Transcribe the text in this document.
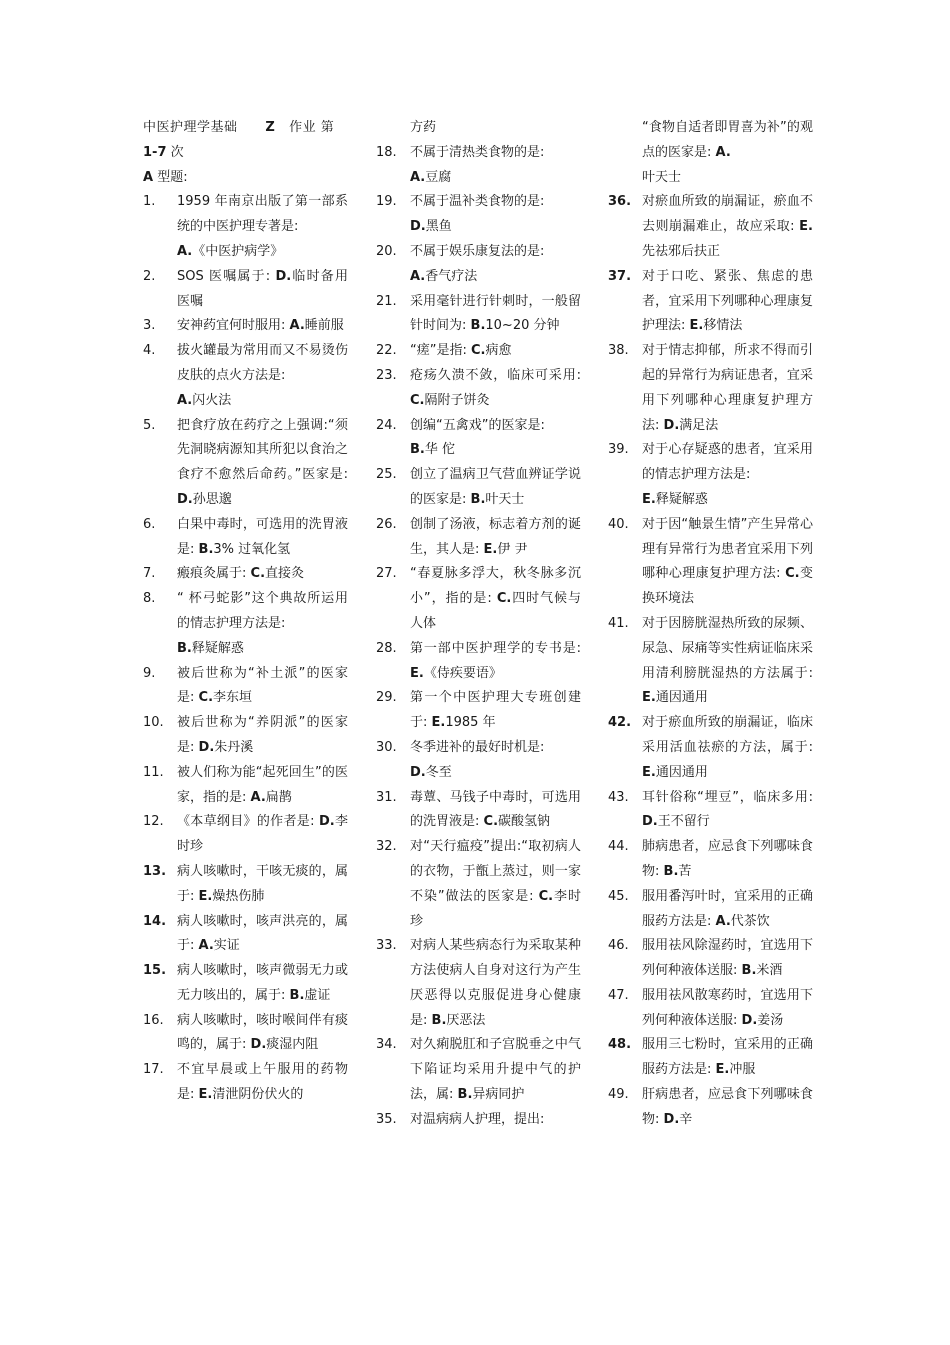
中医护理学基础 Z 作业 第
1-7 次
A 型题:
1.	1959 年南京出版了第一部系统的中医护理专著是:
A.《中医护病学》
2.	SOS 医嘱属于: D.临时备用医嘱
3.	安神药宜何时服用: A.睡前服
4.	拔火罐最为常用而又不易烫伤皮肤的点火方法是:
A.闪火法
5.	把食疗放在药疗之上强调:“须先洞晓病源知其所犯以食治之食疗不愈然后命药。”医家是: D.孙思邈
6.	白果中毒时，可选用的洗胃液是: B.3% 过氧化氢
7.	瘢痕灸属于: C.直接灸
8.	“ 杯弓蛇影”这个典故所运用的情志护理方法是:
B.释疑解惑
9.	被后世称为“补土派”的医家是: C.李东垣
10.	被后世称为“养阴派”的医家是: D.朱丹溪
11.	被人们称为能“起死回生”的医家，指的是: A.扁鹊
12.	《本草纲目》的作者是: D.李时珍
13. 病人咳嗽时，干咳无痰的，属于: E.燥热伤肺
14. 病人咳嗽时，咳声洪亮的，属于: A.实证
15. 病人咳嗽时，咳声微弱无力或无力咳出的，属于: B.虚证
16.	病人咳嗽时，咳时喉间伴有痰鸣的，属于: D.痰湿内阻
17.	不宜早晨或上午服用的药物是: E.清泄阴份伏火的
方药
18.	不属于清热类食物的是:
A.豆腐
19.	不属于温补类食物的是:
D.黑鱼
20.	不属于娱乐康复法的是:
A.香气疗法
21.	采用毫针进行针刺时，一般留针时间为: B.10~20 分钟
22.	“瘥”是指: C.病愈
23.	疮疡久溃不敛，临床可采用: C.隔附子饼灸
24.	创编“五禽戏”的医家是:
B.华 佗
25.	创立了温病卫气营血辨证学说的医家是: B.叶天士
26.	创制了汤液，标志着方剂的诞生，其人是: E.伊 尹
27.	“春夏脉多浮大，秋冬脉多沉小”，指的是: C.四时气候与人体
28.	第一部中医护理学的专书是: E.《侍疾要语》
29.	第一个中医护理大专班创建于: E.1985 年
30.	冬季进补的最好时机是:
D.冬至
31.	毒蕈、马钱子中毒时，可选用的洗胃液是: C.碳酸氢钠
32.	对“天行瘟疫”提出:“取初病人的衣物，于甑上蒸过，则一家不染”做法的医家是: C.李时珍
33.	对病人某些病态行为采取某种方法使病人自身对这行为产生厌恶得以克服促进身心健康是: B.厌恶法
34.	对久痢脱肛和子宫脱垂之中气下陷证均采用升提中气的护法，属: B.异病同护
35.	对温病病人护理，提出:
“食物自适者即胃喜为补”的观点的医家是: A.
叶天士
36. 对瘀血所致的崩漏证，瘀血不去则崩漏难止，故应采取: E.先祛邪后扶正
37. 对于口吃、紧张、焦虑的患者，宜采用下列哪种心理康复护理法: E.移情法
38.	对于情志抑郁，所求不得而引起的异常行为病证患者，宜采用下列哪种心理康复护理方法: D.满足法
39.	对于心存疑惑的患者，宜采用的情志护理方法是:
E.释疑解惑
40.	对于因“触景生情”产生异常心理有异常行为患者宜采用下列哪种心理康复护理方法: C.变换环境法
41.	对于因膀胱湿热所致的尿频、尿急、尿痛等实性病证临床采用清利膀胱湿热的方法属于: E.通因通用
42. 对于瘀血所致的崩漏证，临床采用活血祛瘀的方法，属于: E.通因通用
43.	耳针俗称“埋豆”，临床多用: D.王不留行
44.	肺病患者，应忌食下列哪味食物: B.苦
45.	服用番泻叶时，宜采用的正确服药方法是: A.代茶饮
46.	服用祛风除湿药时，宜选用下列何种液体送服: B.米酒
47.	服用祛风散寒药时，宜选用下列何种液体送服: D.姜汤
48. 服用三七粉时，宜采用的正确服药方法是: E.冲服
49.	肝病患者，应忌食下列哪味食物: D.辛
